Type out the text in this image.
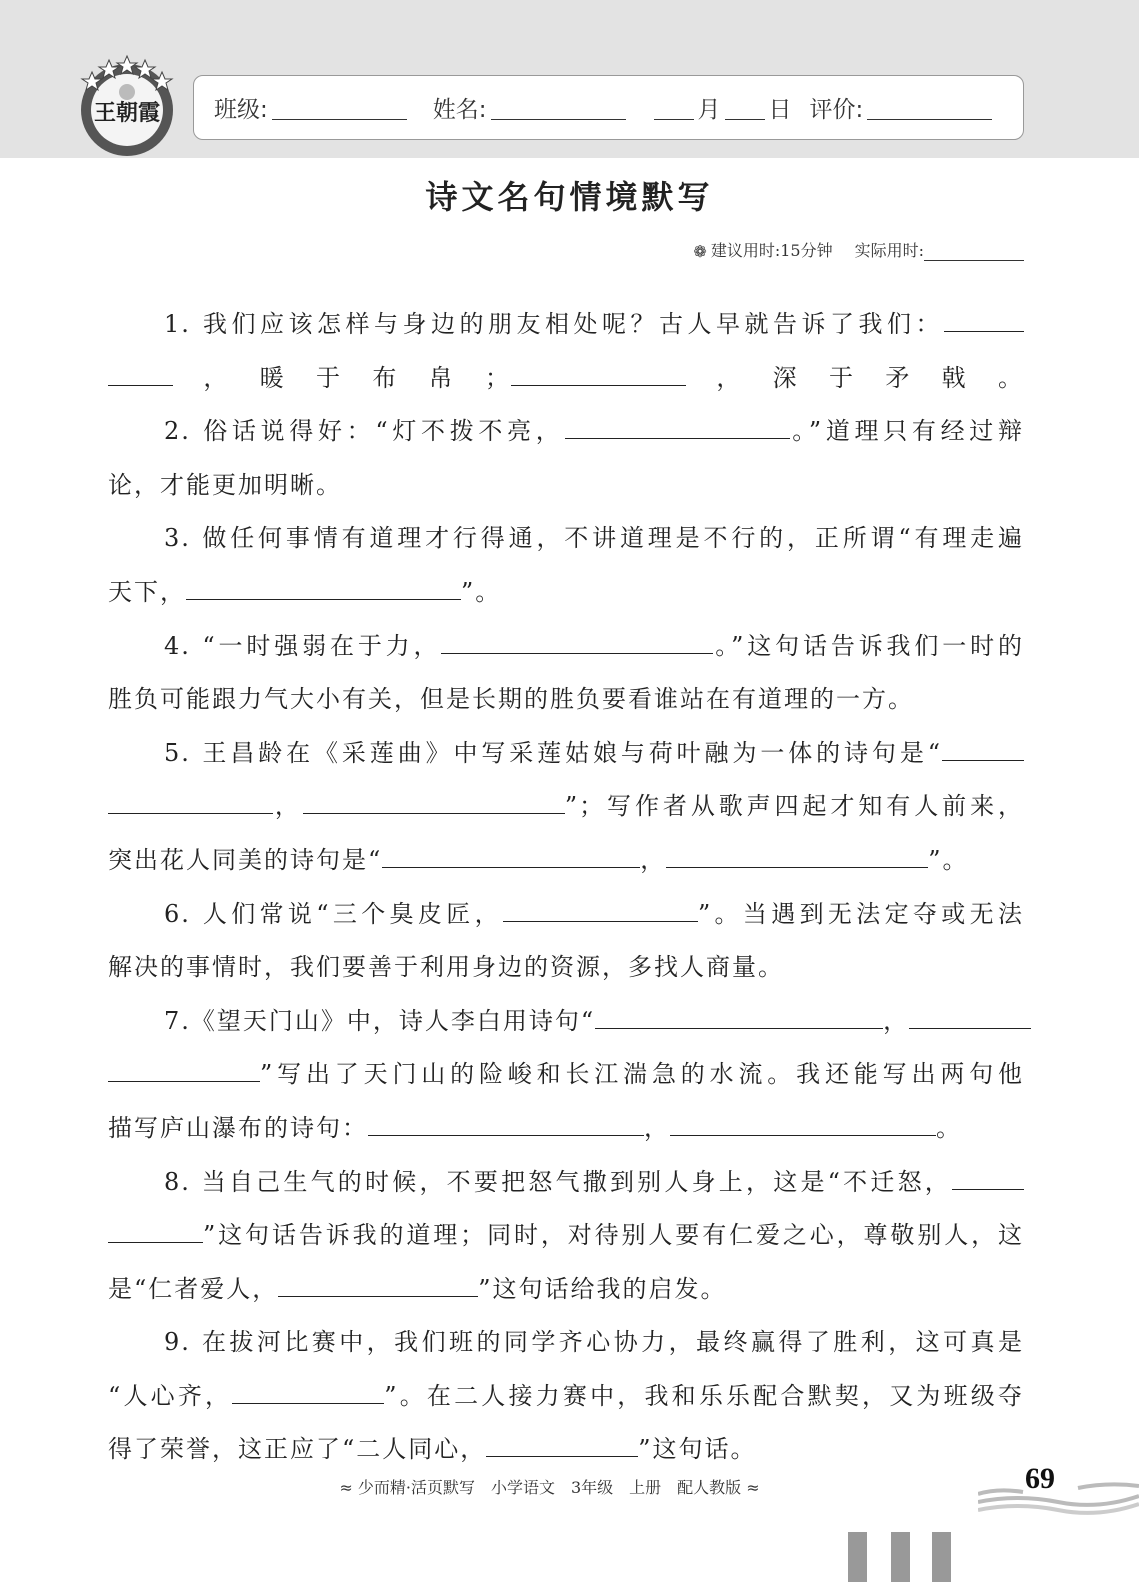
王朝霞 班级:	姓名:	月 日 评价:
诗文名句情境默写
❁ 建议用时:15分钟 实际用时:
1. 我们应该怎样与身边的朋友相处呢？古人早就告诉了我们：
，暖于布帛；	，深于矛戟。
2. 俗话说得好：“灯不拨不亮，	。”道理只有经过辩
论，才能更加明晰。
3. 做任何事情有道理才行得通，不讲道理是不行的，正所谓“有理走遍
天下，	”。
4. “一时强弱在于力，	。”这句话告诉我们一时的
胜负可能跟力气大小有关，但是长期的胜负要看谁站在有道理的一方。
5. 王昌龄在《采莲曲》中写采莲姑娘与荷叶融为一体的诗句是“
，	”；写作者从歌声四起才知有人前来，
突出花人同美的诗句是“	，	”。
6. 人们常说“三个臭皮匠，	”。当遇到无法定夺或无法
解决的事情时，我们要善于利用身边的资源，多找人商量。
7.《望天门山》中，诗人李白用诗句“	，
”写出了天门山的险峻和长江湍急的水流。我还能写出两句他
描写庐山瀑布的诗句：	，	。
8. 当自己生气的时候，不要把怒气撒到别人身上，这是“不迁怒，
”这句话告诉我的道理；同时，对待别人要有仁爱之心，尊敬别人，这
是“仁者爱人，	”这句话给我的启发。
9. 在拔河比赛中，我们班的同学齐心协力，最终赢得了胜利，这可真是
“人心齐，	”。在二人接力赛中，我和乐乐配合默契，又为班级夺
得了荣誉，这正应了“二人同心，	”这句话。
≈ 少而精·活页默写　小学语文　3年级　上册　配人教版 ≈	69
